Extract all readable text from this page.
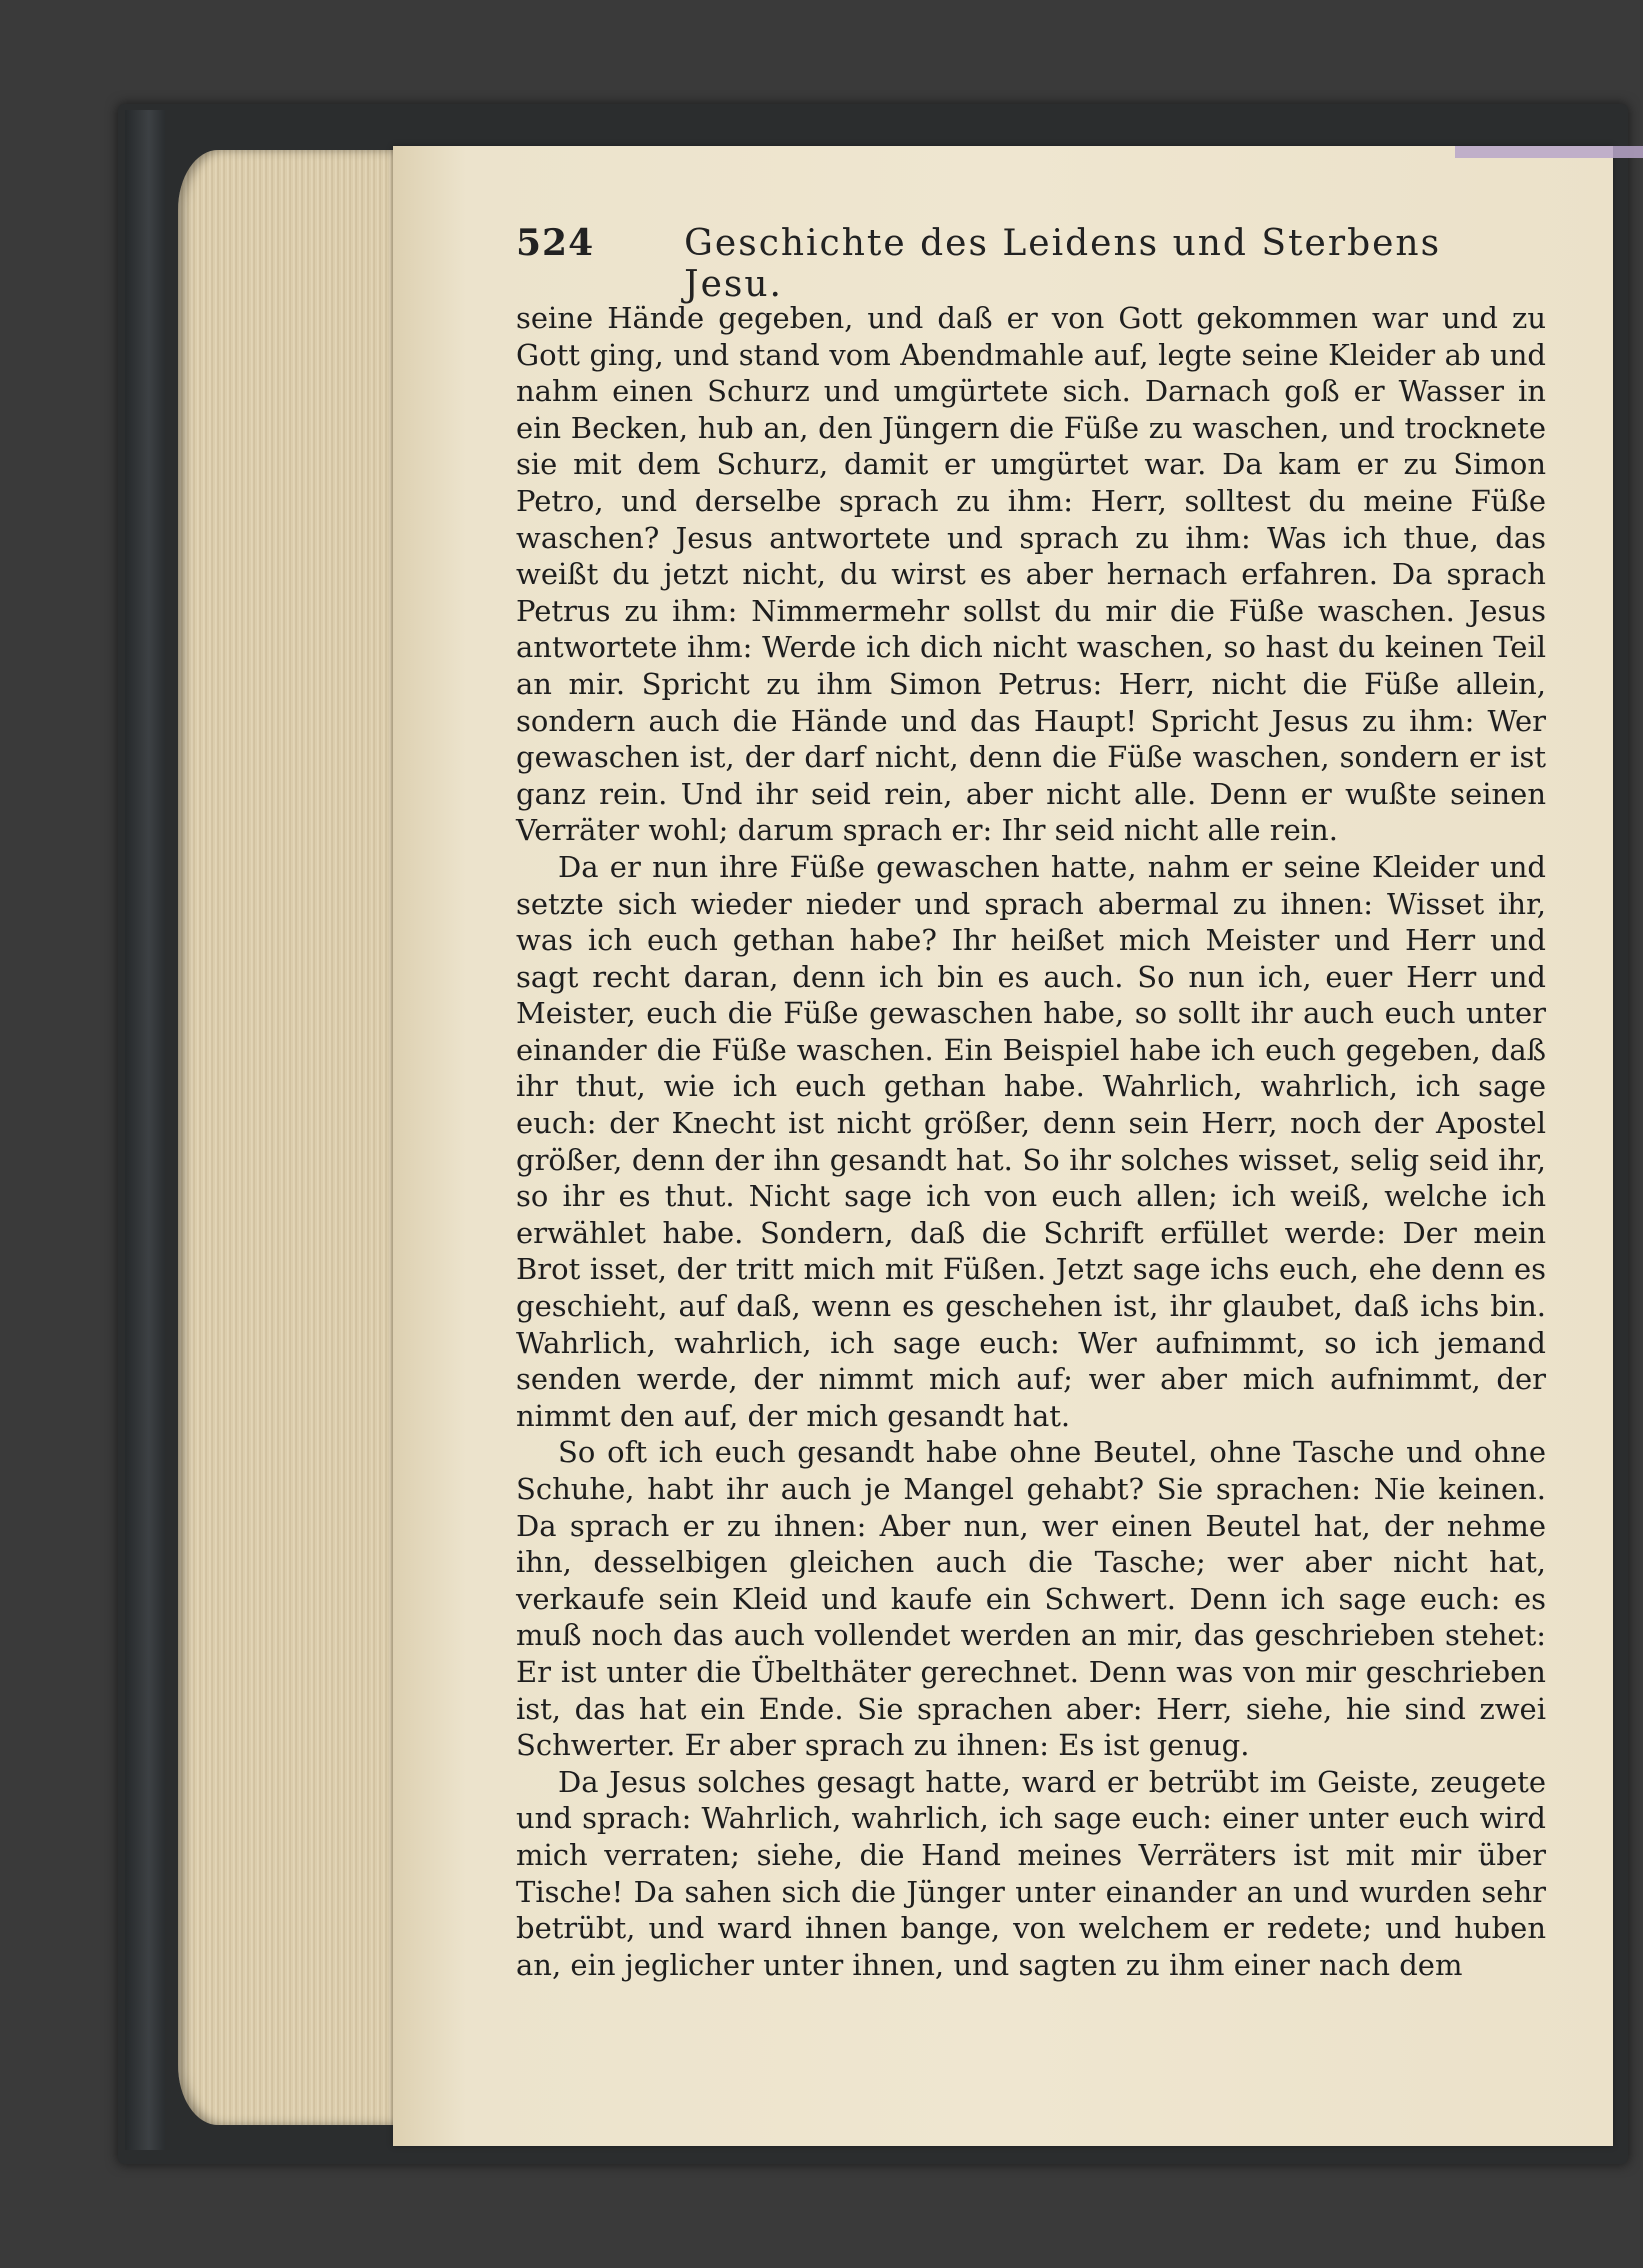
524	Geschichte des Leidens und Sterbens Jesu.

seine Hände gegeben, und daß er von Gott gekommen war und zu Gott ging, und stand vom Abendmahle auf, legte seine Kleider ab und nahm einen Schurz und umgürtete sich. Darnach goß er Wasser in ein Becken, hub an, den Jüngern die Füße zu waschen, und trocknete sie mit dem Schurz, damit er umgürtet war. Da kam er zu Simon Petro, und derselbe sprach zu ihm: Herr, solltest du meine Füße waschen? Jesus antwortete und sprach zu ihm: Was ich thue, das weißt du jetzt nicht, du wirst es aber hernach erfahren. Da sprach Petrus zu ihm: Nimmermehr sollst du mir die Füße waschen. Jesus antwortete ihm: Werde ich dich nicht waschen, so hast du keinen Teil an mir. Spricht zu ihm Simon Petrus: Herr, nicht die Füße allein, sondern auch die Hände und das Haupt! Spricht Jesus zu ihm: Wer gewaschen ist, der darf nicht, denn die Füße waschen, sondern er ist ganz rein. Und ihr seid rein, aber nicht alle. Denn er wußte seinen Verräter wohl; darum sprach er: Ihr seid nicht alle rein.

Da er nun ihre Füße gewaschen hatte, nahm er seine Kleider und setzte sich wieder nieder und sprach abermal zu ihnen: Wisset ihr, was ich euch gethan habe? Ihr heißet mich Meister und Herr und sagt recht daran, denn ich bin es auch. So nun ich, euer Herr und Meister, euch die Füße gewaschen habe, so sollt ihr auch euch unter einander die Füße waschen. Ein Beispiel habe ich euch gegeben, daß ihr thut, wie ich euch gethan habe. Wahrlich, wahrlich, ich sage euch: der Knecht ist nicht größer, denn sein Herr, noch der Apostel größer, denn der ihn gesandt hat. So ihr solches wisset, selig seid ihr, so ihr es thut. Nicht sage ich von euch allen; ich weiß, welche ich erwählet habe. Sondern, daß die Schrift erfüllet werde: Der mein Brot isset, der tritt mich mit Füßen. Jetzt sage ichs euch, ehe denn es geschieht, auf daß, wenn es geschehen ist, ihr glaubet, daß ichs bin. Wahrlich, wahrlich, ich sage euch: Wer aufnimmt, so ich jemand senden werde, der nimmt mich auf; wer aber mich aufnimmt, der nimmt den auf, der mich gesandt hat.

So oft ich euch gesandt habe ohne Beutel, ohne Tasche und ohne Schuhe, habt ihr auch je Mangel gehabt? Sie sprachen: Nie keinen. Da sprach er zu ihnen: Aber nun, wer einen Beutel hat, der nehme ihn, desselbigen gleichen auch die Tasche; wer aber nicht hat, verkaufe sein Kleid und kaufe ein Schwert. Denn ich sage euch: es muß noch das auch vollendet werden an mir, das geschrieben stehet: Er ist unter die Übelthäter gerechnet. Denn was von mir geschrieben ist, das hat ein Ende. Sie sprachen aber: Herr, siehe, hie sind zwei Schwerter. Er aber sprach zu ihnen: Es ist genug.

Da Jesus solches gesagt hatte, ward er betrübt im Geiste, zeugete und sprach: Wahrlich, wahrlich, ich sage euch: einer unter euch wird mich verraten; siehe, die Hand meines Verräters ist mit mir über Tische! Da sahen sich die Jünger unter einander an und wurden sehr betrübt, und ward ihnen bange, von welchem er redete; und huben an, ein jeglicher unter ihnen, und sagten zu ihm einer nach dem
